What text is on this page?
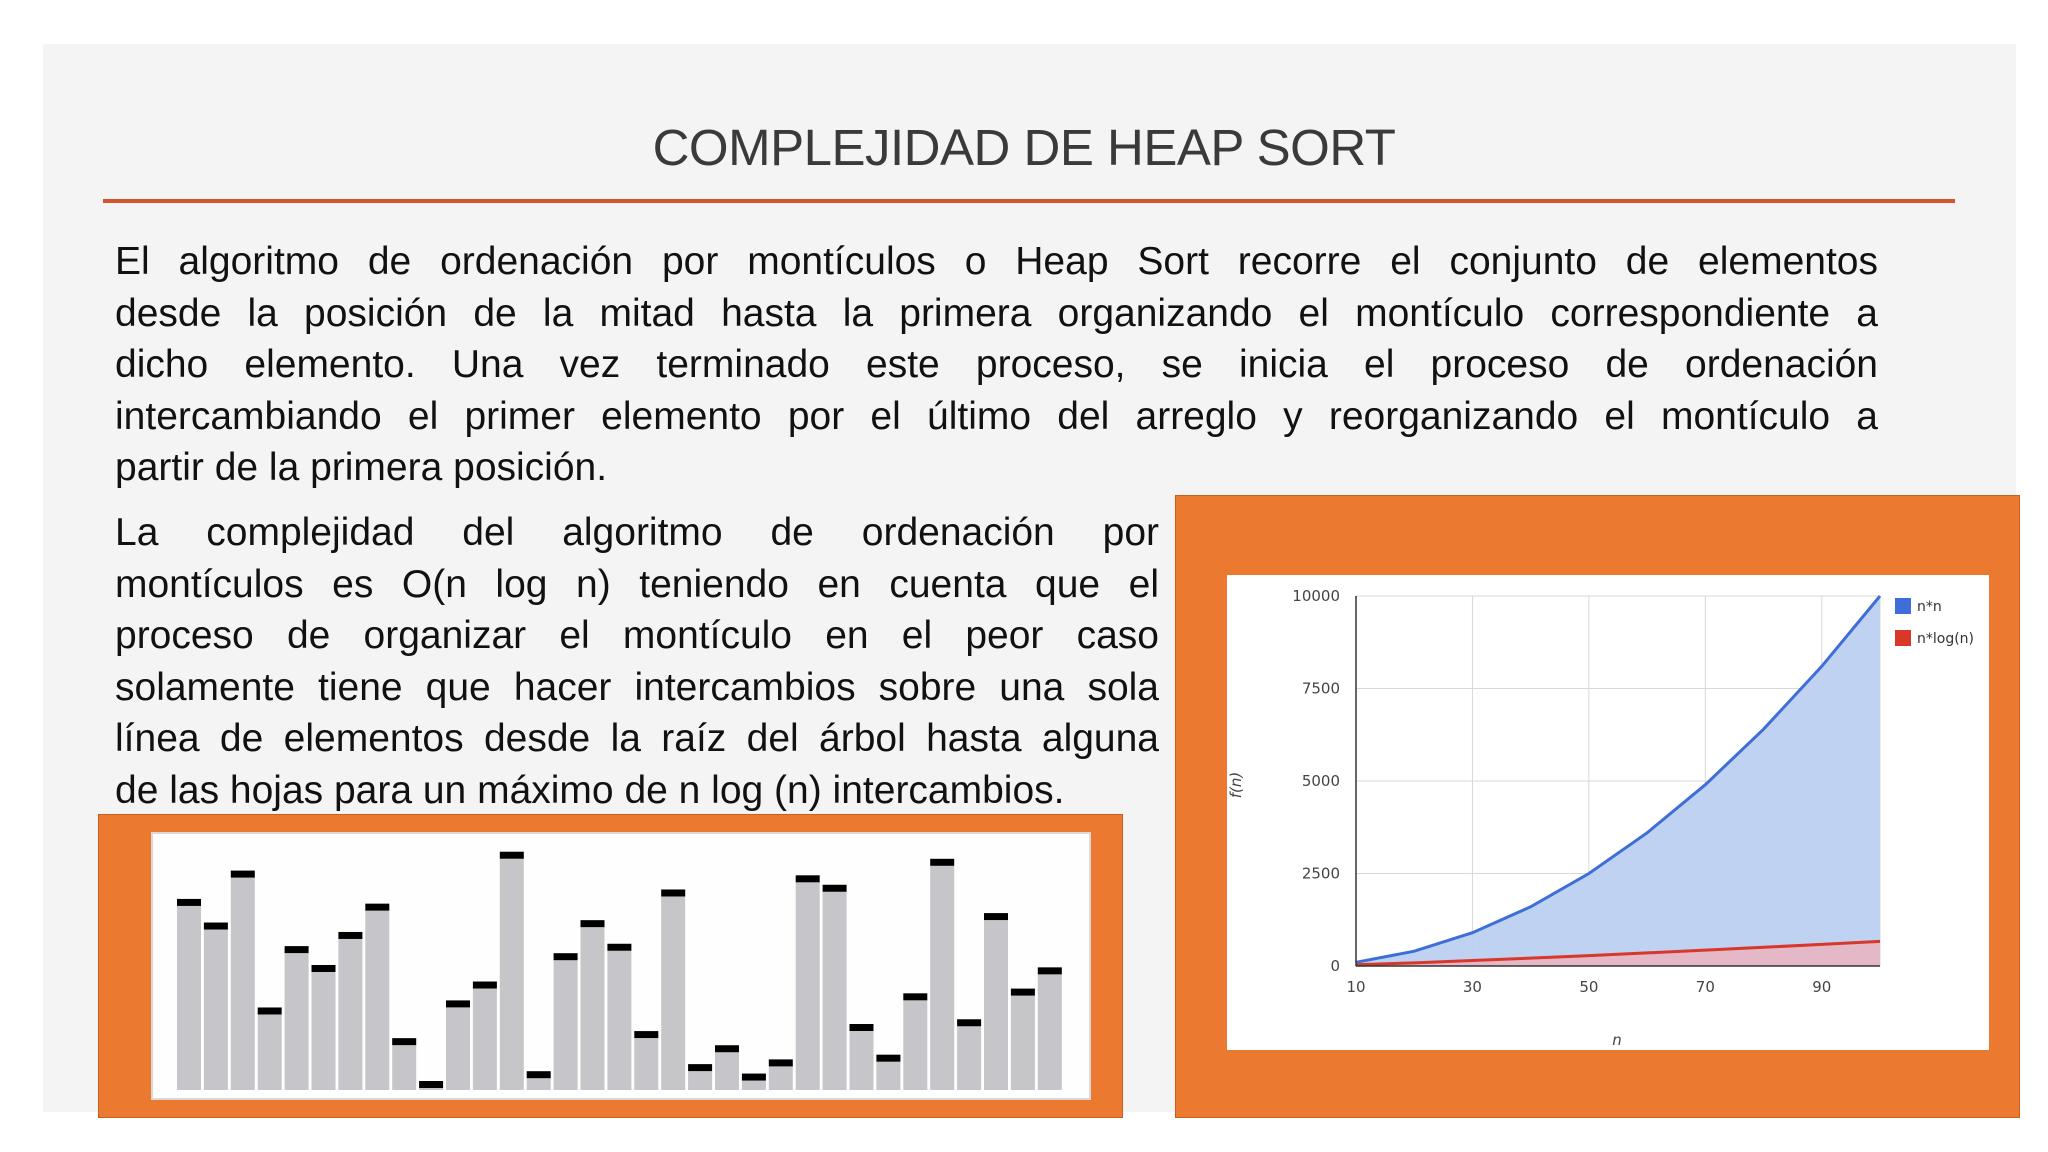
COMPLEJIDAD DE HEAP SORT
El algoritmo de ordenación por montículos o Heap Sort recorre el conjunto de elementos
desde la posición de la mitad hasta la primera organizando el montículo correspondiente a
dicho elemento. Una vez terminado este proceso, se inicia el proceso de ordenación
intercambiando el primer elemento por el último del arreglo y reorganizando el montículo a
partir de la primera posición.
La complejidad del algoritmo de ordenación por
montículos es O(n log n) teniendo en cuenta que el
proceso de organizar el montículo en el peor caso
solamente tiene que hacer intercambios sobre una sola
línea de elementos desde la raíz del árbol hasta alguna
de las hojas para un máximo de n log (n) intercambios.
0
2500
5000
7500
10000
10	30	50	70	90
f(n)
n
n*n
n*log(n)
